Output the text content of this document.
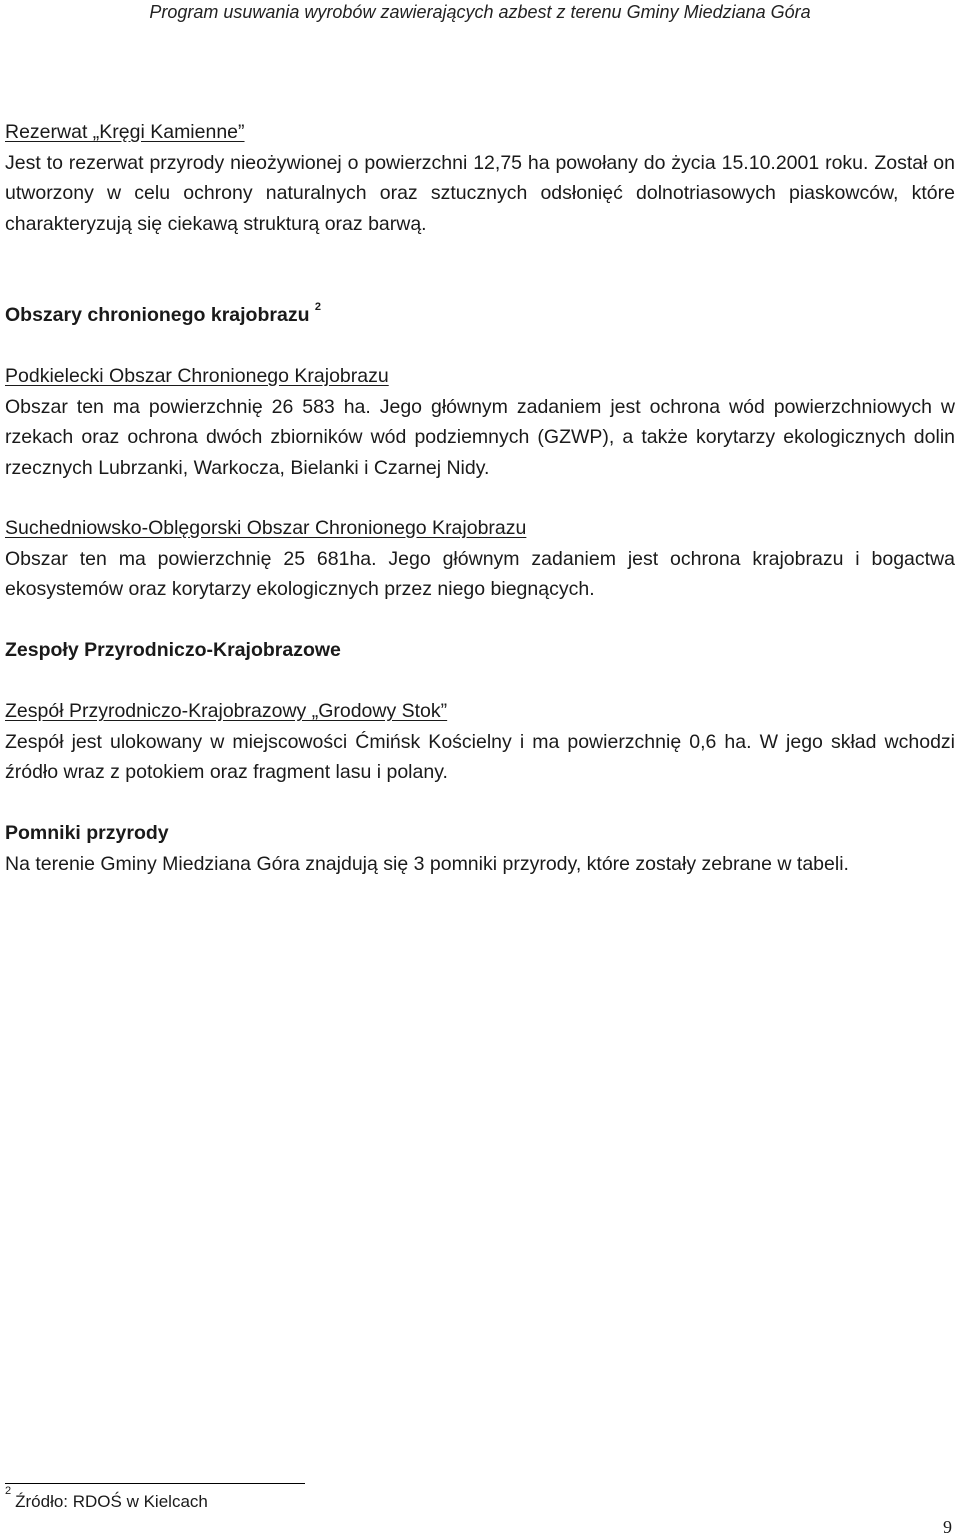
Program usuwania wyrobów zawierających azbest z terenu Gminy Miedziana Góra

Rezerwat „Kręgi Kamienne”

Jest to rezerwat przyrody nieożywionej o powierzchni 12,75 ha powołany do życia 15.10.2001 roku. Został on utworzony w celu ochrony naturalnych oraz sztucznych odsłonięć dolnotriasowych piaskowców, które charakteryzują się ciekawą strukturą oraz barwą.

Obszary chronionego krajobrazu $^2$

Podkielecki Obszar Chronionego Krajobrazu

Obszar ten ma powierzchnię 26 583 ha. Jego głównym zadaniem jest ochrona wód powierzchniowych w rzekach oraz ochrona dwóch zbiorników wód podziemnych (GZWP), a także korytarzy ekologicznych dolin rzecznych Lubrzanki, Warkocza, Bielanki i Czarnej Nidy.

Suchedniowsko-Oblęgorski Obszar Chronionego Krajobrazu

Obszar ten ma powierzchnię 25 681ha. Jego głównym zadaniem jest ochrona krajobrazu i bogactwa ekosystemów oraz korytarzy ekologicznych przez niego biegnących.

Zespoły Przyrodniczo-Krajobrazowe

Zespół Przyrodniczo-Krajobrazowy „Grodowy Stok”

Zespół jest ulokowany w miejscowości Ćmińsk Kościelny i ma powierzchnię 0,6 ha. W jego skład wchodzi źródło wraz z potokiem oraz fragment lasu i polany.

Pomniki przyrody

Na terenie Gminy Miedziana Góra znajdują się 3 pomniki przyrody, które zostały zebrane w tabeli.

$^2$Źródło: RDOŚ w Kielcach
9
